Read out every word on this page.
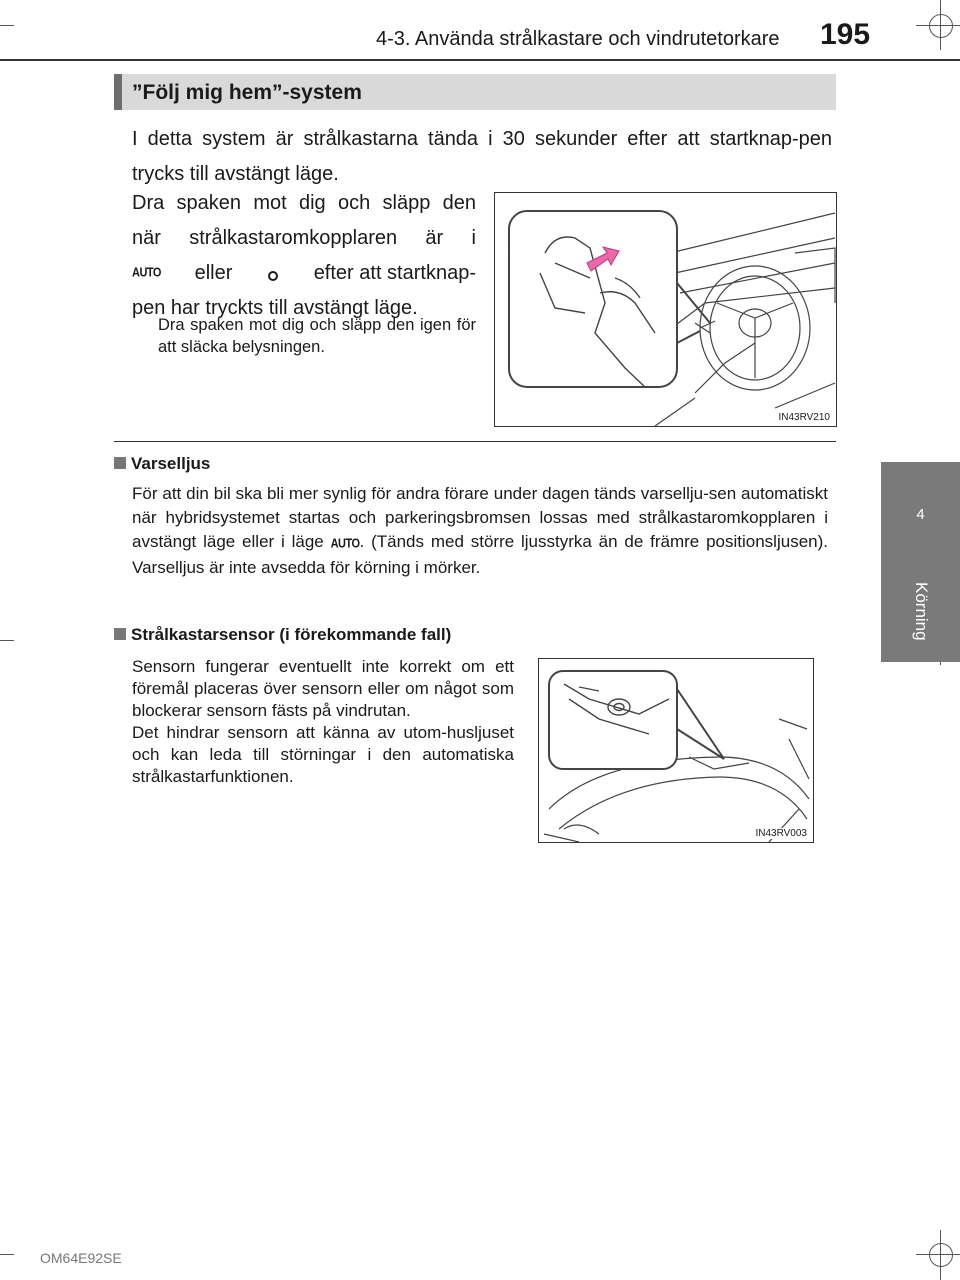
4-3. Använda strålkastare och vindrutetorkare 195
4
Körning
”Följ mig hem”-system
I detta system är strålkastarna tända i 30 sekunder efter att startknap-pen trycks till avstängt läge.
Dra spaken mot dig och släpp den
när strålkastaromkopplaren är i
AUTO eller	efter att startknap-
pen har tryckts till avstängt läge.
Dra spaken mot dig och släpp den igen för att släcka belysningen.
IN43RV210
Varselljus
För att din bil ska bli mer synlig för andra förare under dagen tänds varsellju-sen automatiskt när hybridsystemet startas och parkeringsbromsen lossas med strålkastaromkopplaren i avstängt läge eller i läge AUTO. (Tänds med större ljusstyrka än de främre positionsljusen). Varselljus är inte avsedda för körning i mörker.
Strålkastarsensor (i förekommande fall)
Sensorn fungerar eventuellt inte korrekt om ett föremål placeras över sensorn eller om något som blockerar sensorn fästs på vindrutan.
Det hindrar sensorn att känna av utom-husljuset och kan leda till störningar i den automatiska strålkastarfunktionen.
IN43RV003
OM64E92SE
